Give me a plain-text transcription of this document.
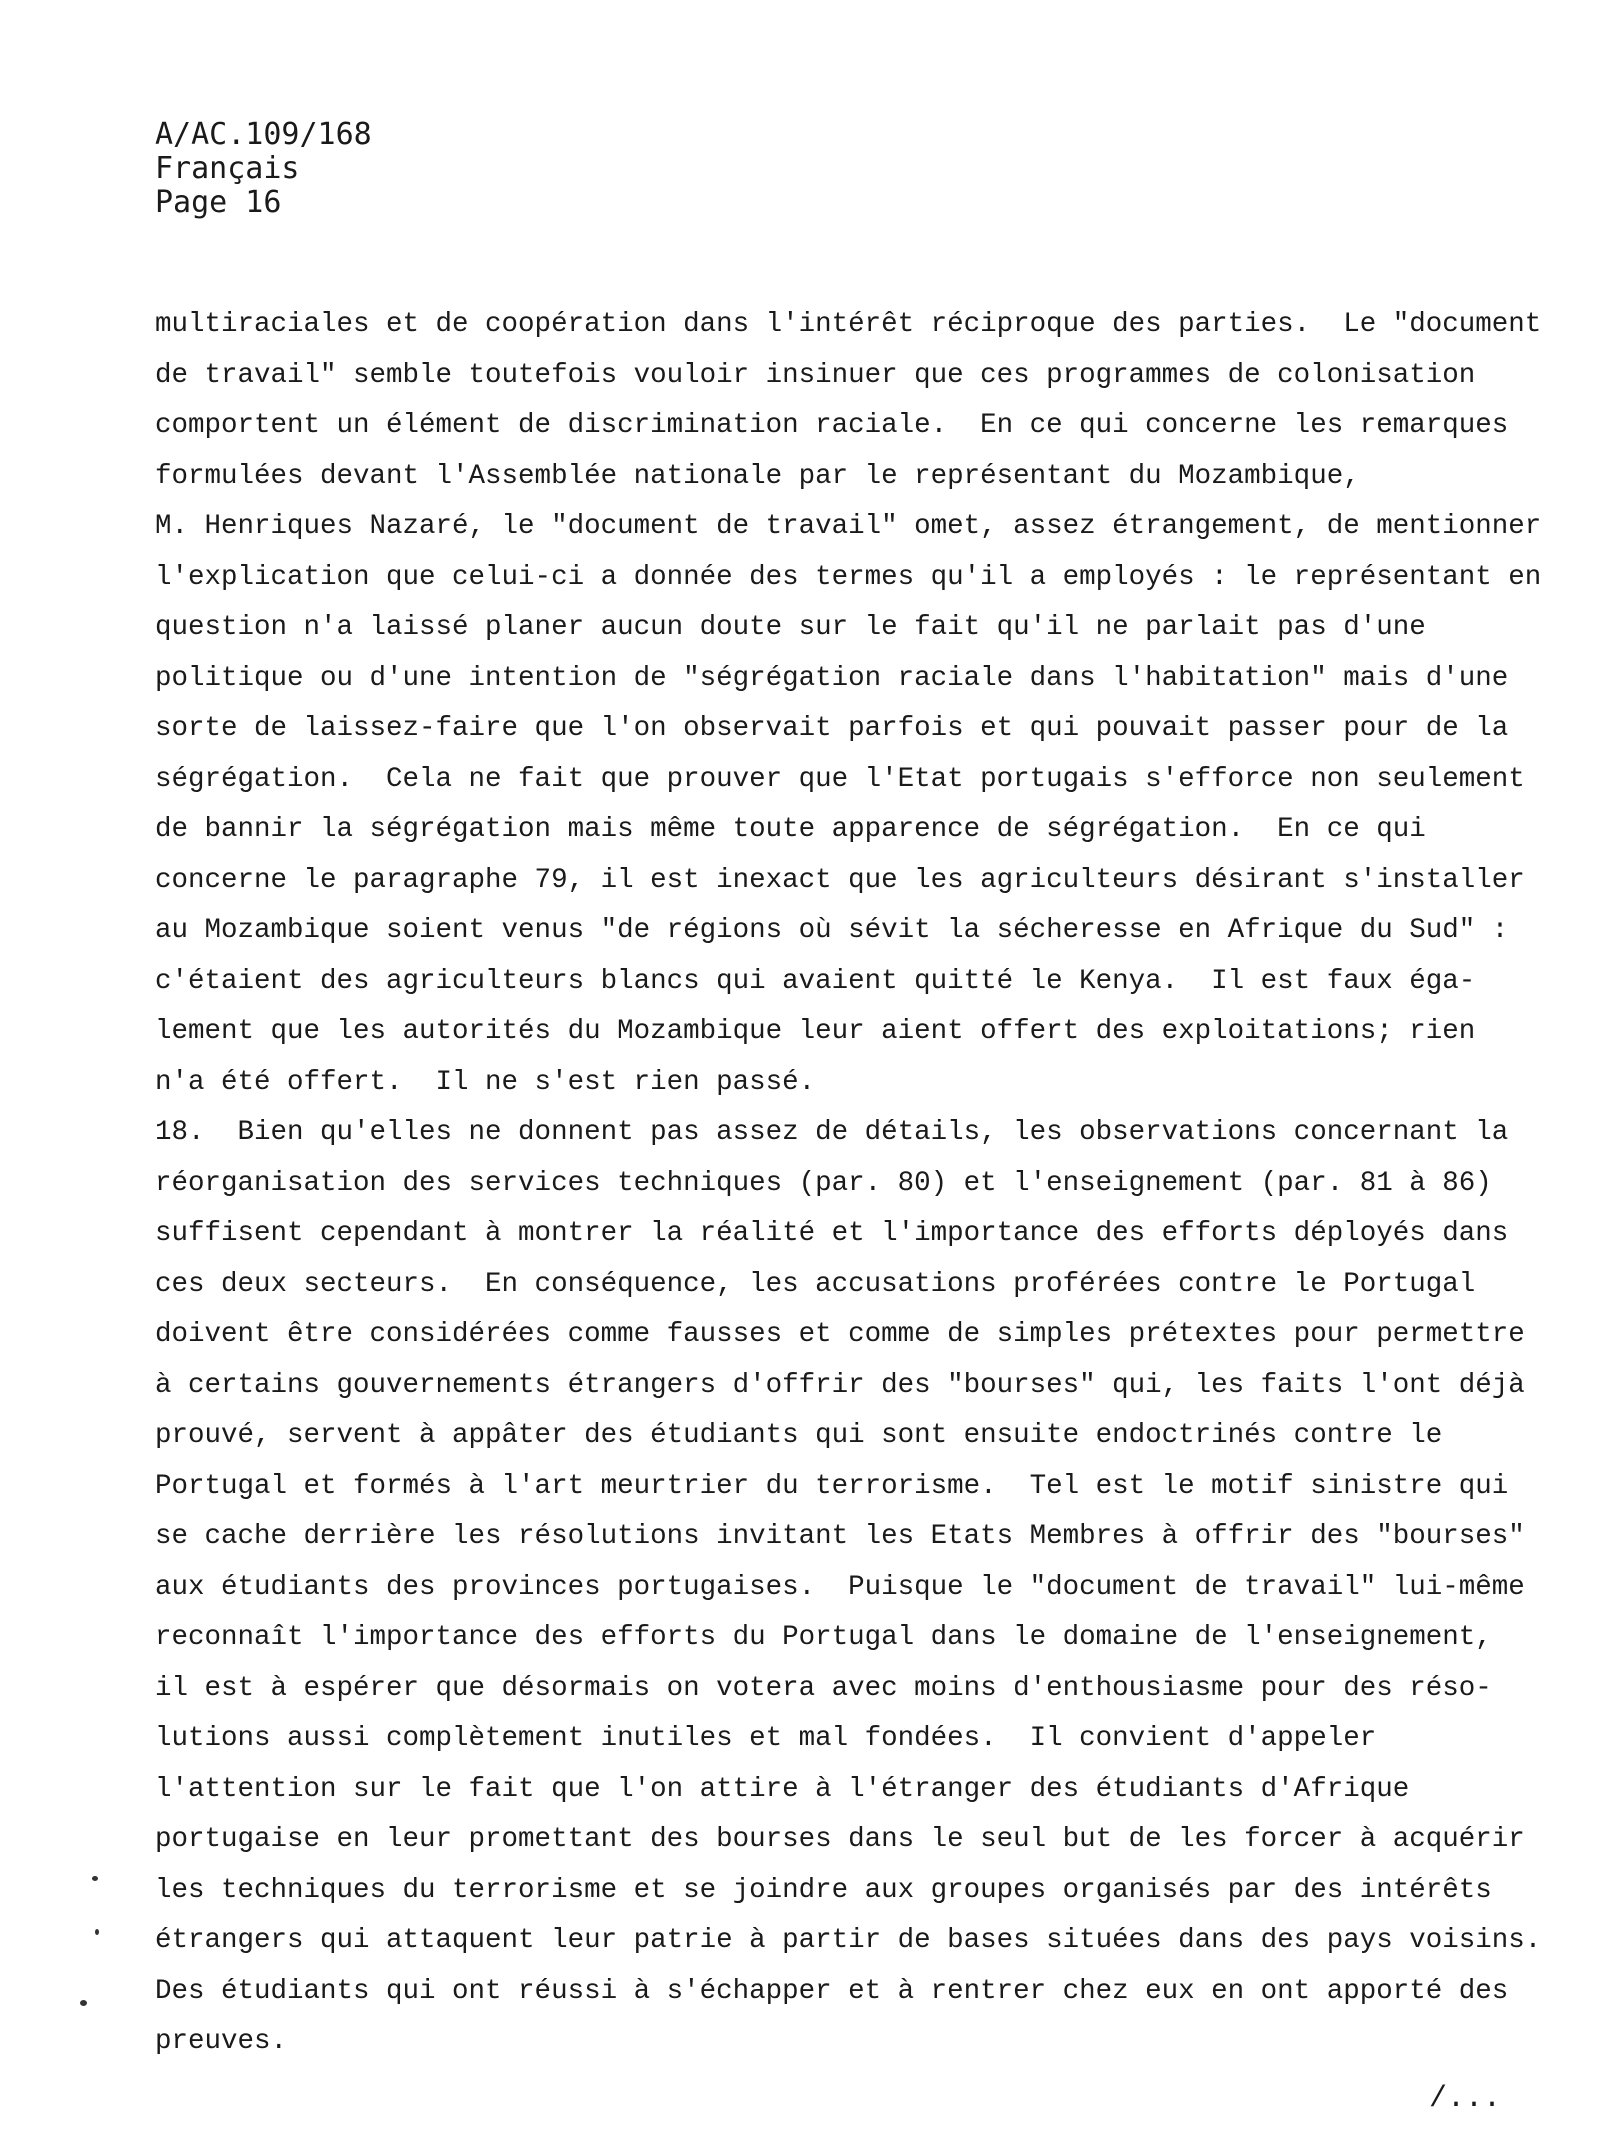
A/AC.109/168
Français
Page 16
multiraciales et de coopération dans l'intérêt réciproque des parties.  Le "document
de travail" semble toutefois vouloir insinuer que ces programmes de colonisation
comportent un élément de discrimination raciale.  En ce qui concerne les remarques
formulées devant l'Assemblée nationale par le représentant du Mozambique,
M. Henriques Nazaré, le "document de travail" omet, assez étrangement, de mentionner
l'explication que celui-ci a donnée des termes qu'il a employés : le représentant en
question n'a laissé planer aucun doute sur le fait qu'il ne parlait pas d'une
politique ou d'une intention de "ségrégation raciale dans l'habitation" mais d'une
sorte de laissez-faire que l'on observait parfois et qui pouvait passer pour de la
ségrégation.  Cela ne fait que prouver que l'Etat portugais s'efforce non seulement
de bannir la ségrégation mais même toute apparence de ségrégation.  En ce qui
concerne le paragraphe 79, il est inexact que les agriculteurs désirant s'installer
au Mozambique soient venus "de régions où sévit la sécheresse en Afrique du Sud" :
c'étaient des agriculteurs blancs qui avaient quitté le Kenya.  Il est faux éga-
lement que les autorités du Mozambique leur aient offert des exploitations; rien
n'a été offert.  Il ne s'est rien passé.
18.  Bien qu'elles ne donnent pas assez de détails, les observations concernant la
réorganisation des services techniques (par. 80) et l'enseignement (par. 81 à 86)
suffisent cependant à montrer la réalité et l'importance des efforts déployés dans
ces deux secteurs.  En conséquence, les accusations proférées contre le Portugal
doivent être considérées comme fausses et comme de simples prétextes pour permettre
à certains gouvernements étrangers d'offrir des "bourses" qui, les faits l'ont déjà
prouvé, servent à appâter des étudiants qui sont ensuite endoctrinés contre le
Portugal et formés à l'art meurtrier du terrorisme.  Tel est le motif sinistre qui
se cache derrière les résolutions invitant les Etats Membres à offrir des "bourses"
aux étudiants des provinces portugaises.  Puisque le "document de travail" lui-même
reconnaît l'importance des efforts du Portugal dans le domaine de l'enseignement,
il est à espérer que désormais on votera avec moins d'enthousiasme pour des réso-
lutions aussi complètement inutiles et mal fondées.  Il convient d'appeler
l'attention sur le fait que l'on attire à l'étranger des étudiants d'Afrique
portugaise en leur promettant des bourses dans le seul but de les forcer à acquérir
les techniques du terrorisme et se joindre aux groupes organisés par des intérêts
étrangers qui attaquent leur patrie à partir de bases situées dans des pays voisins.
Des étudiants qui ont réussi à s'échapper et à rentrer chez eux en ont apporté des
preuves.
/...
